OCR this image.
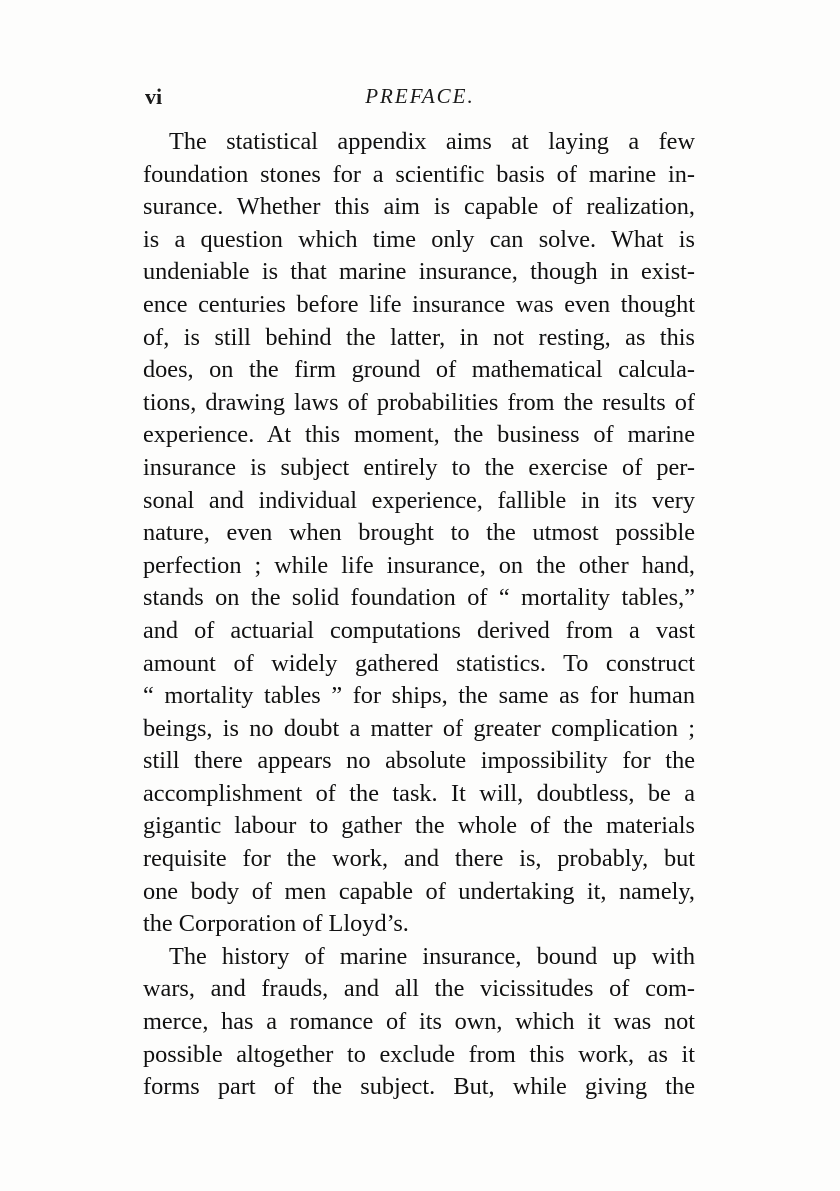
vi	PREFACE.
The statistical appendix aims at laying a few
foundation stones for a scientific basis of marine in-
surance. Whether this aim is capable of realization,
is a question which time only can solve. What is
undeniable is that marine insurance, though in exist-
ence centuries before life insurance was even thought
of, is still behind the latter, in not resting, as this
does, on the firm ground of mathematical calcula-
tions, drawing laws of probabilities from the results of
experience. At this moment, the business of marine
insurance is subject entirely to the exercise of per-
sonal and individual experience, fallible in its very
nature, even when brought to the utmost possible
perfection ; while life insurance, on the other hand,
stands on the solid foundation of “ mortality tables,”
and of actuarial computations derived from a vast
amount of widely gathered statistics. To construct
“ mortality tables ” for ships, the same as for human
beings, is no doubt a matter of greater complication ;
still there appears no absolute impossibility for the
accomplishment of the task. It will, doubtless, be a
gigantic labour to gather the whole of the materials
requisite for the work, and there is, probably, but
one body of men capable of undertaking it, namely,
the Corporation of Lloyd’s.
The history of marine insurance, bound up with
wars, and frauds, and all the vicissitudes of com-
merce, has a romance of its own, which it was not
possible altogether to exclude from this work, as it
forms part of the subject. But, while giving the
